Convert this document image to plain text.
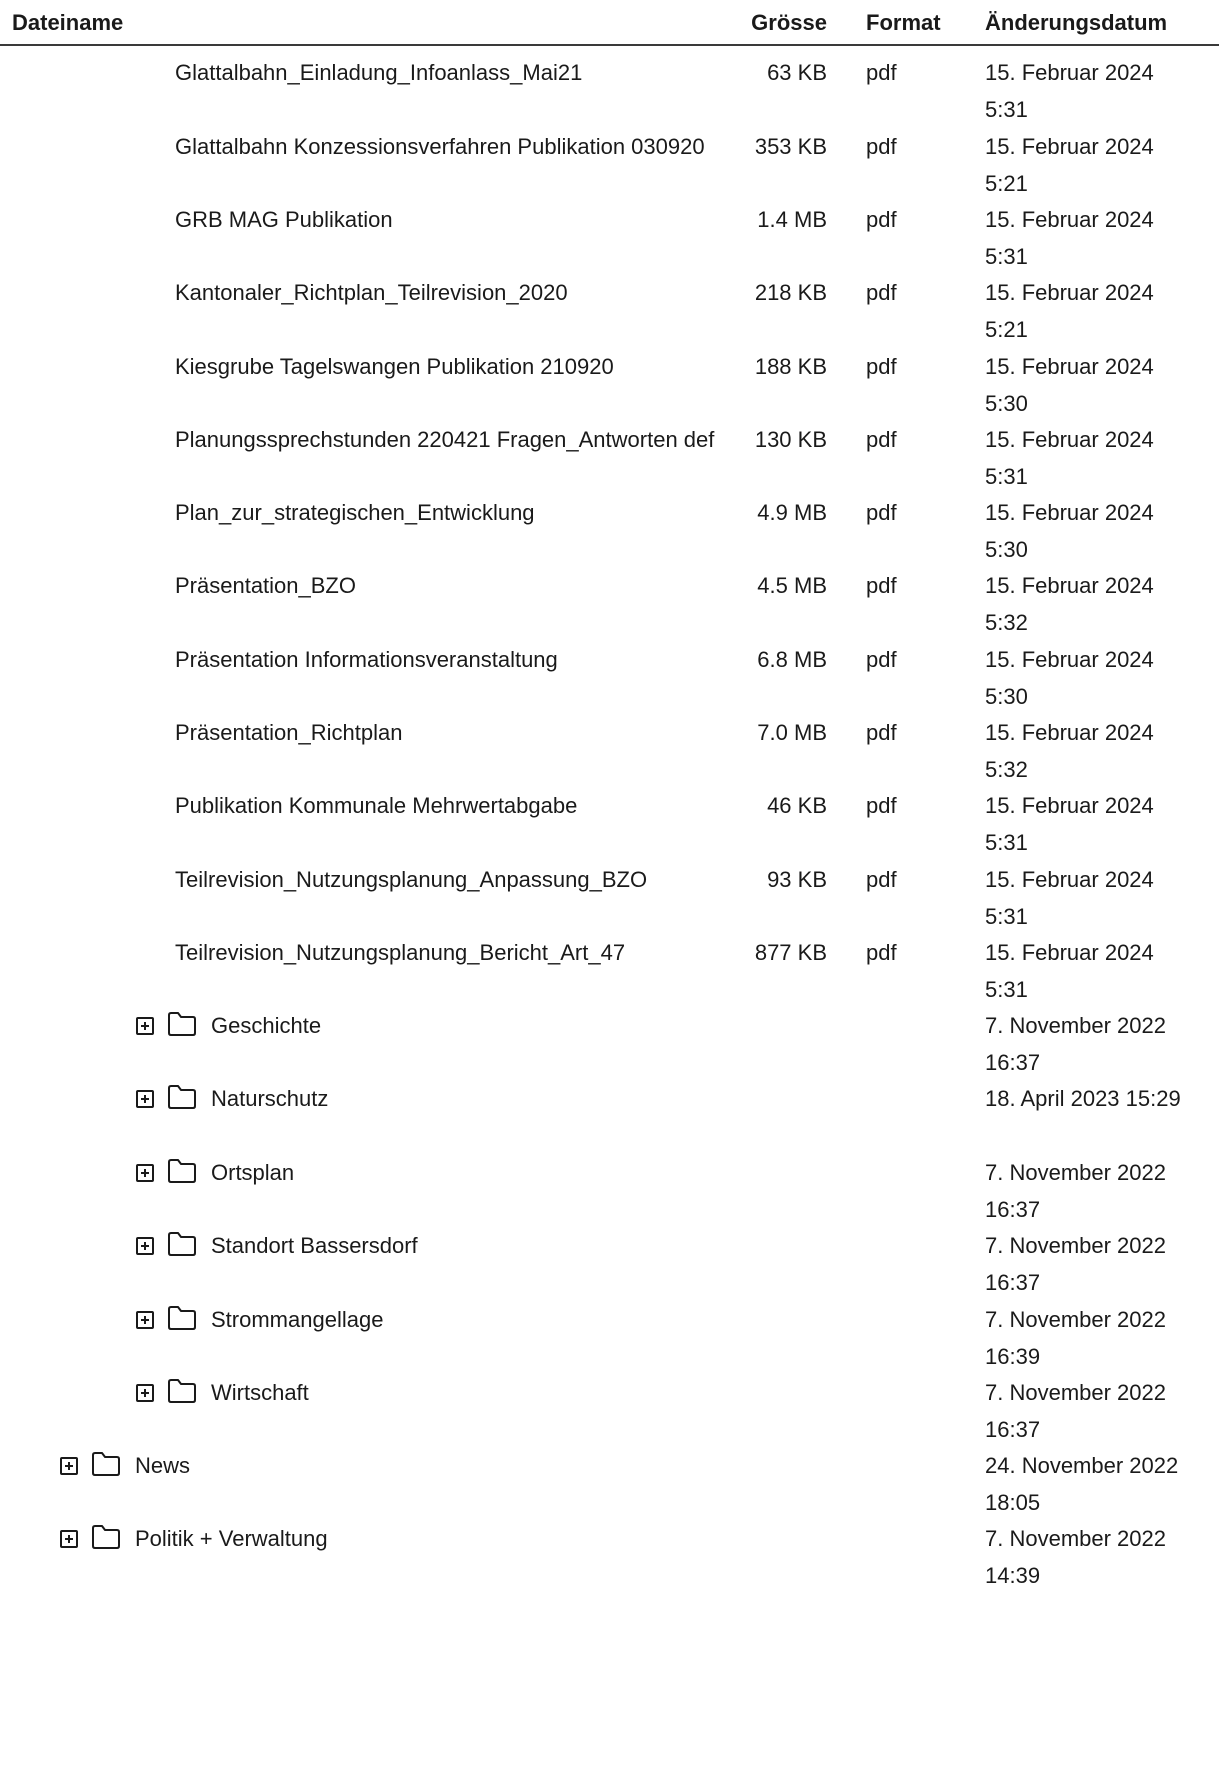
Dateiname	Grösse Format Änderungsdatum
Glattalbahn_Einladung_Infoanlass_Mai21	63 KB pdf	15. Februar 2024 5:31
Glattalbahn Konzessionsverfahren Publikation 030920	353 KB pdf	15. Februar 2024 5:21
GRB MAG Publikation	1.4 MB pdf	15. Februar 2024 5:31
Kantonaler_Richtplan_Teilrevision_2020	218 KB pdf	15. Februar 2024 5:21
Kiesgrube Tagelswangen Publikation 210920	188 KB pdf	15. Februar 2024 5:30
Planungssprechstunden 220421 Fragen_Antworten def 130 KB pdf	15. Februar 2024 5:31
Plan_zur_strategischen_Entwicklung	4.9 MB pdf	15. Februar 2024 5:30
Präsentation_BZO	4.5 MB pdf	15. Februar 2024 5:32
Präsentation Informationsveranstaltung	6.8 MB pdf	15. Februar 2024 5:30
Präsentation_Richtplan	7.0 MB pdf	15. Februar 2024 5:32
Publikation Kommunale Mehrwertabgabe	46 KB pdf	15. Februar 2024 5:31
Teilrevision_Nutzungsplanung_Anpassung_BZO	93 KB pdf	15. Februar 2024 5:31
Teilrevision_Nutzungsplanung_Bericht_Art_47	877 KB pdf	15. Februar 2024 5:31
Geschichte	7. November 2022 16:37
Naturschutz	18. April 2023 15:29
Ortsplan	7. November 2022 16:37
Standort Bassersdorf	7. November 2022 16:37
Strommangellage	7. November 2022 16:39
Wirtschaft	7. November 2022 16:37
News	24. November 2022 18:05
Politik + Verwaltung	7. November 2022 14:39
